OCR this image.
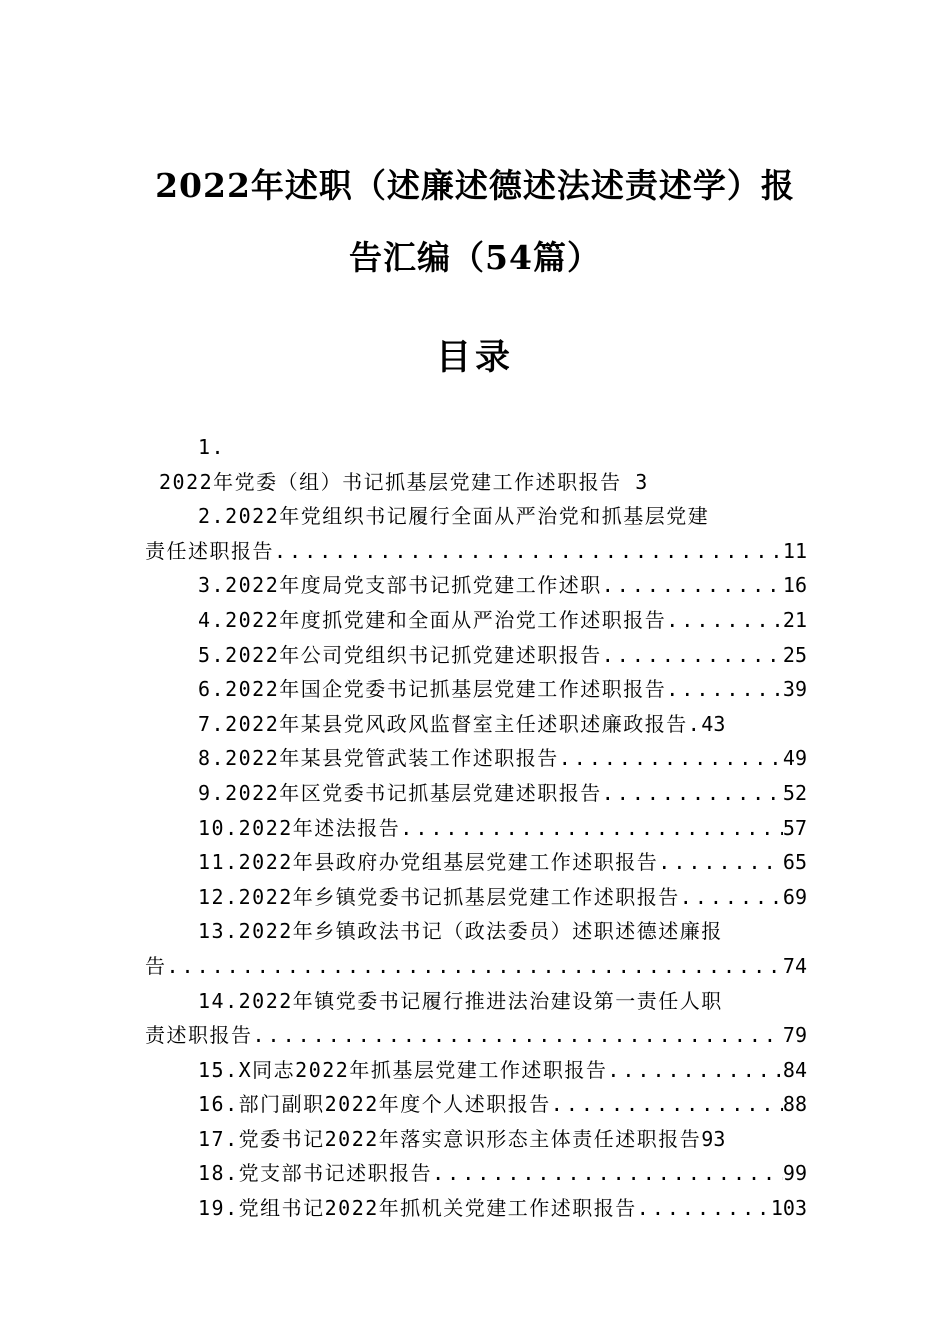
2022年述职（述廉述德述法述责述学）报
告汇编（54篇）
目录
1.
2022年党委（组）书记抓基层党建工作述职报告 3
2.2022年党组织书记履行全面从严治党和抓基层党建
责任述职报告 .....	11
3.2022年度局党支部书记抓党建工作述职 .....	16
4.2022年度抓党建和全面从严治党工作述职报告 .....	21
5.2022年公司党组织书记抓党建述职报告 .....	25
6.2022年国企党委书记抓基层党建工作述职报告 .....	39
7.2022年某县党风政风监督室主任述职述廉政报告. 43
8.2022年某县党管武装工作述职报告 .....	49
9.2022年区党委书记抓基层党建述职报告 .....	52
10.2022年述法报告 .....	57
11.2022年县政府办党组基层党建工作述职报告 .....	65
12.2022年乡镇党委书记抓基层党建工作述职报告 .....	69
13.2022年乡镇政法书记（政法委员）述职述德述廉报
告 .....	74
14.2022年镇党委书记履行推进法治建设第一责任人职
责述职报告 .....	79
15.X同志2022年抓基层党建工作述职报告 .....	84
16.部门副职2022年度个人述职报告 .....	88
17.党委书记2022年落实意识形态主体责任述职报告 93
18.党支部书记述职报告 .....	99
19.党组书记2022年抓机关党建工作述职报告 .....	103
